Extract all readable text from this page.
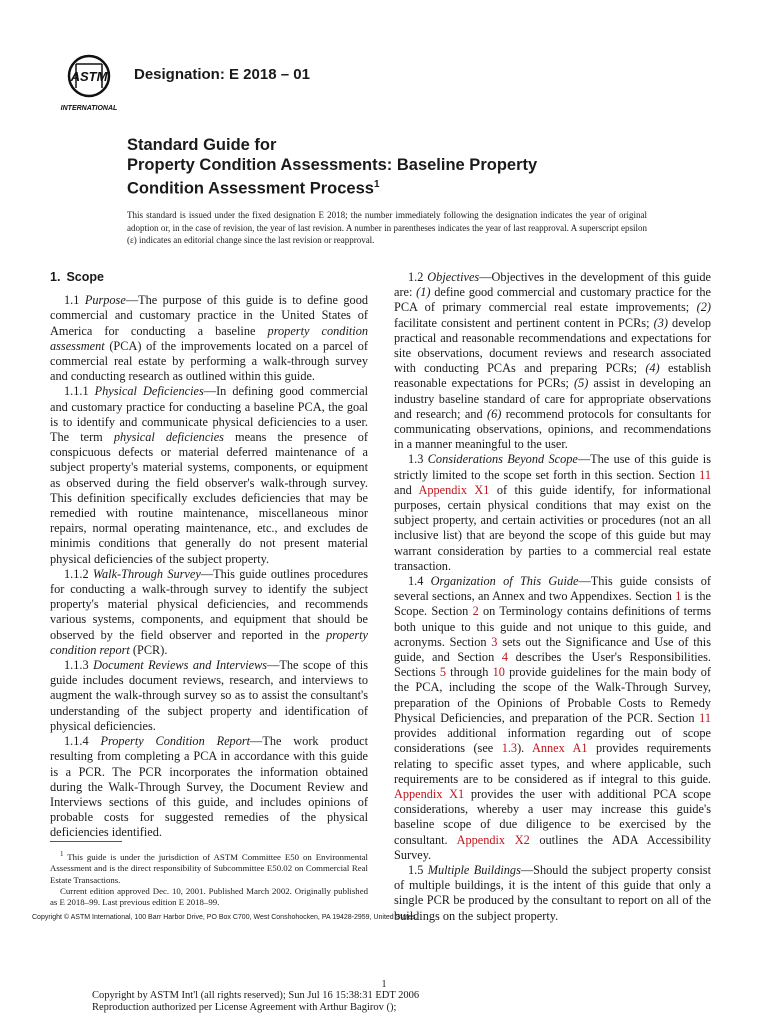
ASTM
INTERNATIONAL
Designation: E 2018 – 01
Standard Guide for
Property Condition Assessments: Baseline Property
Condition Assessment Process$^1$
This standard is issued under the fixed designation E 2018; the number immediately following the designation indicates the year of original adoption or, in the case of revision, the year of last revision. A number in parentheses indicates the year of last reapproval. A superscript epsilon (ε) indicates an editorial change since the last revision or reapproval.
1. Scope

1.1 Purpose—The purpose of this guide is to define good commercial and customary practice in the United States of America for conducting a baseline property condition assessment (PCA) of the improvements located on a parcel of commercial real estate by performing a walk-through survey and conducting research as outlined within this guide.

1.1.1 Physical Deficiencies—In defining good commercial and customary practice for conducting a baseline PCA, the goal is to identify and communicate physical deficiencies to a user. The term physical deficiencies means the presence of conspicuous defects or material deferred maintenance of a subject property's material systems, components, or equipment as observed during the field observer's walk-through survey. This definition specifically excludes deficiencies that may be remedied with routine maintenance, miscellaneous minor repairs, normal operating maintenance, etc., and excludes de minimis conditions that generally do not present material physical deficiencies of the subject property.

1.1.2 Walk-Through Survey—This guide outlines procedures for conducting a walk-through survey to identify the subject property's material physical deficiencies, and recommends various systems, components, and equipment that should be observed by the field observer and reported in the property condition report (PCR).

1.1.3 Document Reviews and Interviews—The scope of this guide includes document reviews, research, and interviews to augment the walk-through survey so as to assist the consultant's understanding of the subject property and identification of physical deficiencies.

1.1.4 Property Condition Report—The work product resulting from completing a PCA in accordance with this guide is a PCR. The PCR incorporates the information obtained during the Walk-Through Survey, the Document Review and Interviews sections of this guide, and includes opinions of probable costs for suggested remedies of the physical deficiencies identified.

1.2 Objectives—Objectives in the development of this guide are: (1) define good commercial and customary practice for the PCA of primary commercial real estate improvements; (2) facilitate consistent and pertinent content in PCRs; (3) develop practical and reasonable recommendations and expectations for site observations, document reviews and research associated with conducting PCAs and preparing PCRs; (4) establish reasonable expectations for PCRs; (5) assist in developing an industry baseline standard of care for appropriate observations and research; and (6) recommend protocols for consultants for communicating observations, opinions, and recommendations in a manner meaningful to the user.

1.3 Considerations Beyond Scope—The use of this guide is strictly limited to the scope set forth in this section. Section 11 and Appendix X1 of this guide identify, for informational purposes, certain physical conditions that may exist on the subject property, and certain activities or procedures (not an all inclusive list) that are beyond the scope of this guide but may warrant consideration by parties to a commercial real estate transaction.

1.4 Organization of This Guide—This guide consists of several sections, an Annex and two Appendixes. Section 1 is the Scope. Section 2 on Terminology contains definitions of terms both unique to this guide and not unique to this guide, and acronyms. Section 3 sets out the Significance and Use of this guide, and Section 4 describes the User's Responsibilities. Sections 5 through 10 provide guidelines for the main body of the PCA, including the scope of the Walk-Through Survey, preparation of the Opinions of Probable Costs to Remedy Physical Deficiencies, and preparation of the PCR. Section 11 provides additional information regarding out of scope considerations (see 1.3). Annex A1 provides requirements relating to specific asset types, and where applicable, such requirements are to be considered as if integral to this guide. Appendix X1 provides the user with additional PCA scope considerations, whereby a user may increase this guide's baseline scope of due diligence to be exercised by the consultant. Appendix X2 outlines the ADA Accessibility Survey.

1.5 Multiple Buildings—Should the subject property consist of multiple buildings, it is the intent of this guide that only a single PCR be produced by the consultant to report on all of the buildings on the subject property.

$^1$ This guide is under the jurisdiction of ASTM Committee E50 on Environmental Assessment and is the direct responsibility of Subcommittee E50.02 on Commercial Real Estate Transactions.

Current edition approved Dec. 10, 2001. Published March 2002. Originally published as E 2018–99. Last previous edition E 2018–99.

Copyright © ASTM International, 100 Barr Harbor Drive, PO Box C700, West Conshohocken, PA 19428-2959, United States.
1
Copyright by ASTM Int'l (all rights reserved); Sun Jul 16 15:38:31 EDT 2006
Reproduction authorized per License Agreement with Arthur Bagirov ();
